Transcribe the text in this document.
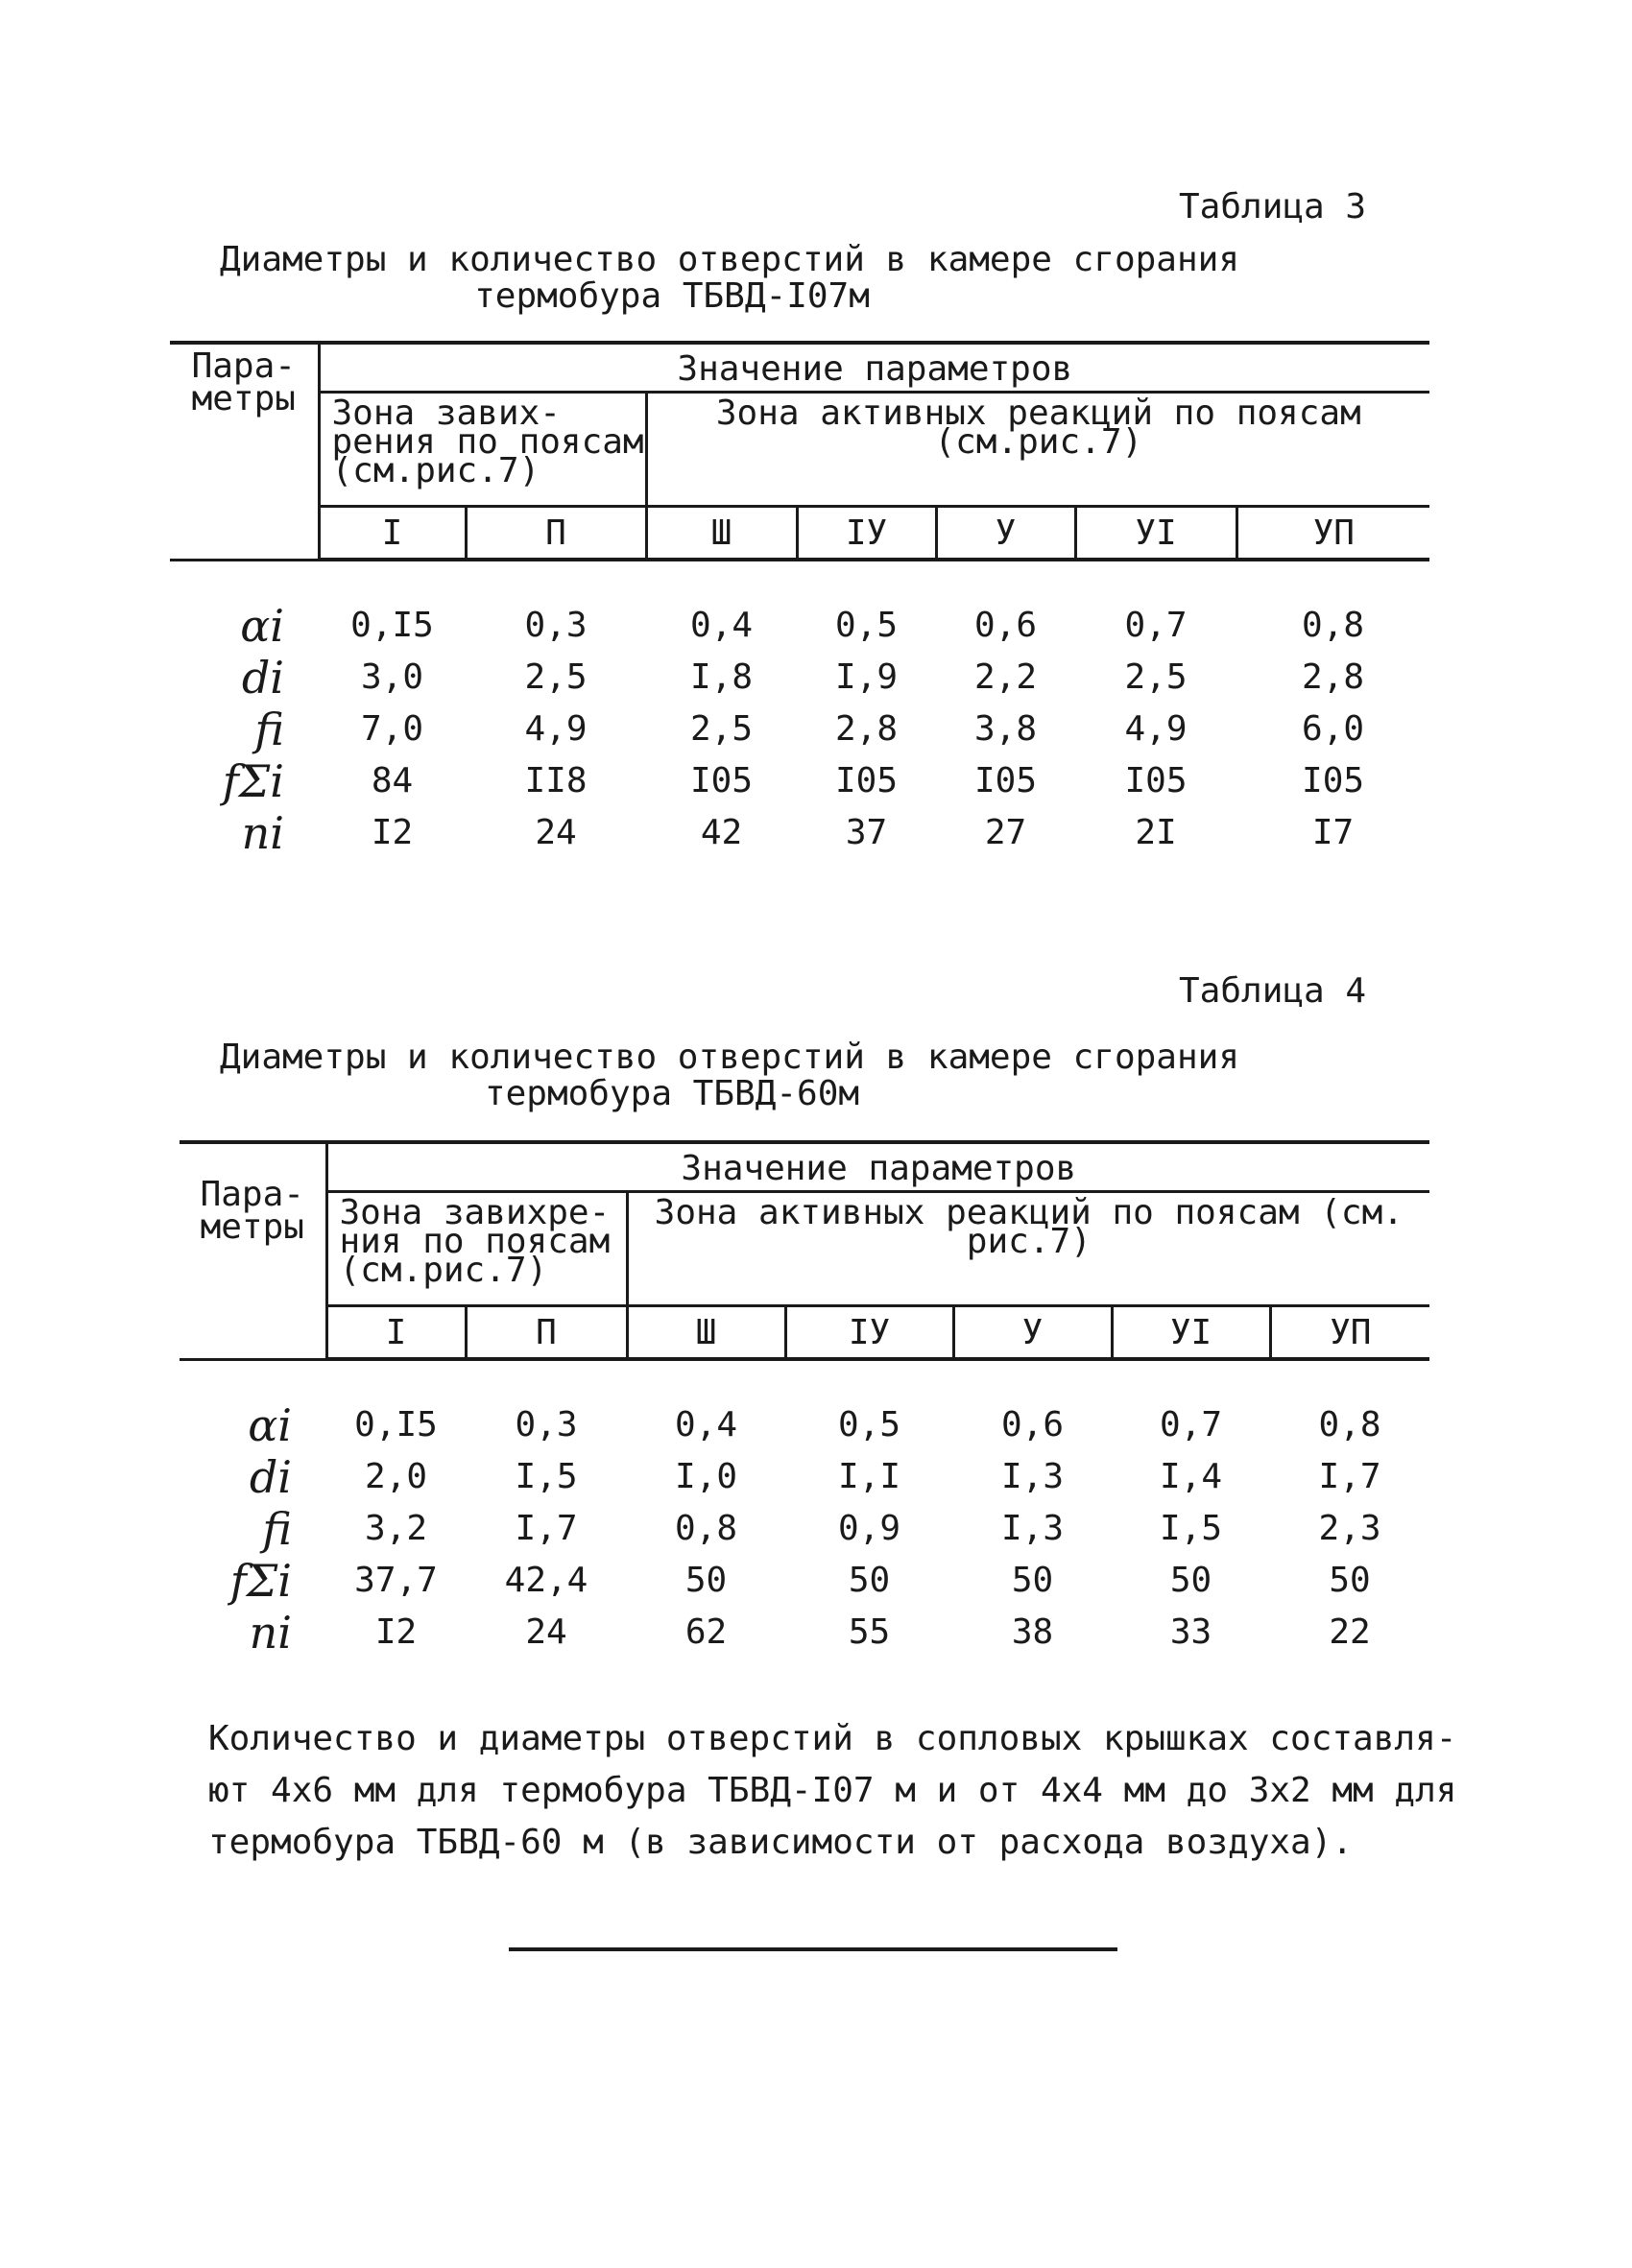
Таблица 3
Диаметры и количество отверстий в камере сгорания
термобура ТБВД-I07м
Пара-
метры	Значение параметров						
	Зона завих-
рения по поясам
(см.рис.7)		Зона активных реакций по поясам
(см.рис.7)				
	I	П	Ш	IУ	У	УI	УП
αi	0,I5	0,3	0,4	0,5	0,6	0,7	0,8
di	3,0	2,5	I,8	I,9	2,2	2,5	2,8
fi	7,0	4,9	2,5	2,8	3,8	4,9	6,0
fΣi	84	II8	I05	I05	I05	I05	I05
ni	I2	24	42	37	27	2I	I7
Таблица 4
Диаметры и количество отверстий в камере сгорания
термобура ТБВД-60м
Пара-
метры	Значение параметров						
	Зона завихре-
ния по поясам
(см.рис.7)		Зона активных реакций по поясам (см.
рис.7)				
	I	П	Ш	IУ	У	УI	УП
αi	0,I5	0,3	0,4	0,5	0,6	0,7	0,8
di	2,0	I,5	I,0	I,I	I,3	I,4	I,7
fi	3,2	I,7	0,8	0,9	I,3	I,5	2,3
fΣi	37,7	42,4	50	50	50	50	50
ni	I2	24	62	55	38	33	22
Количество и диаметры отверстий в сопловых крышках составля-
ют 4х6 мм для термобура ТБВД-I07 м и от 4х4 мм до 3х2 мм для
термобура ТБВД-60 м (в зависимости от расхода воздуха).
